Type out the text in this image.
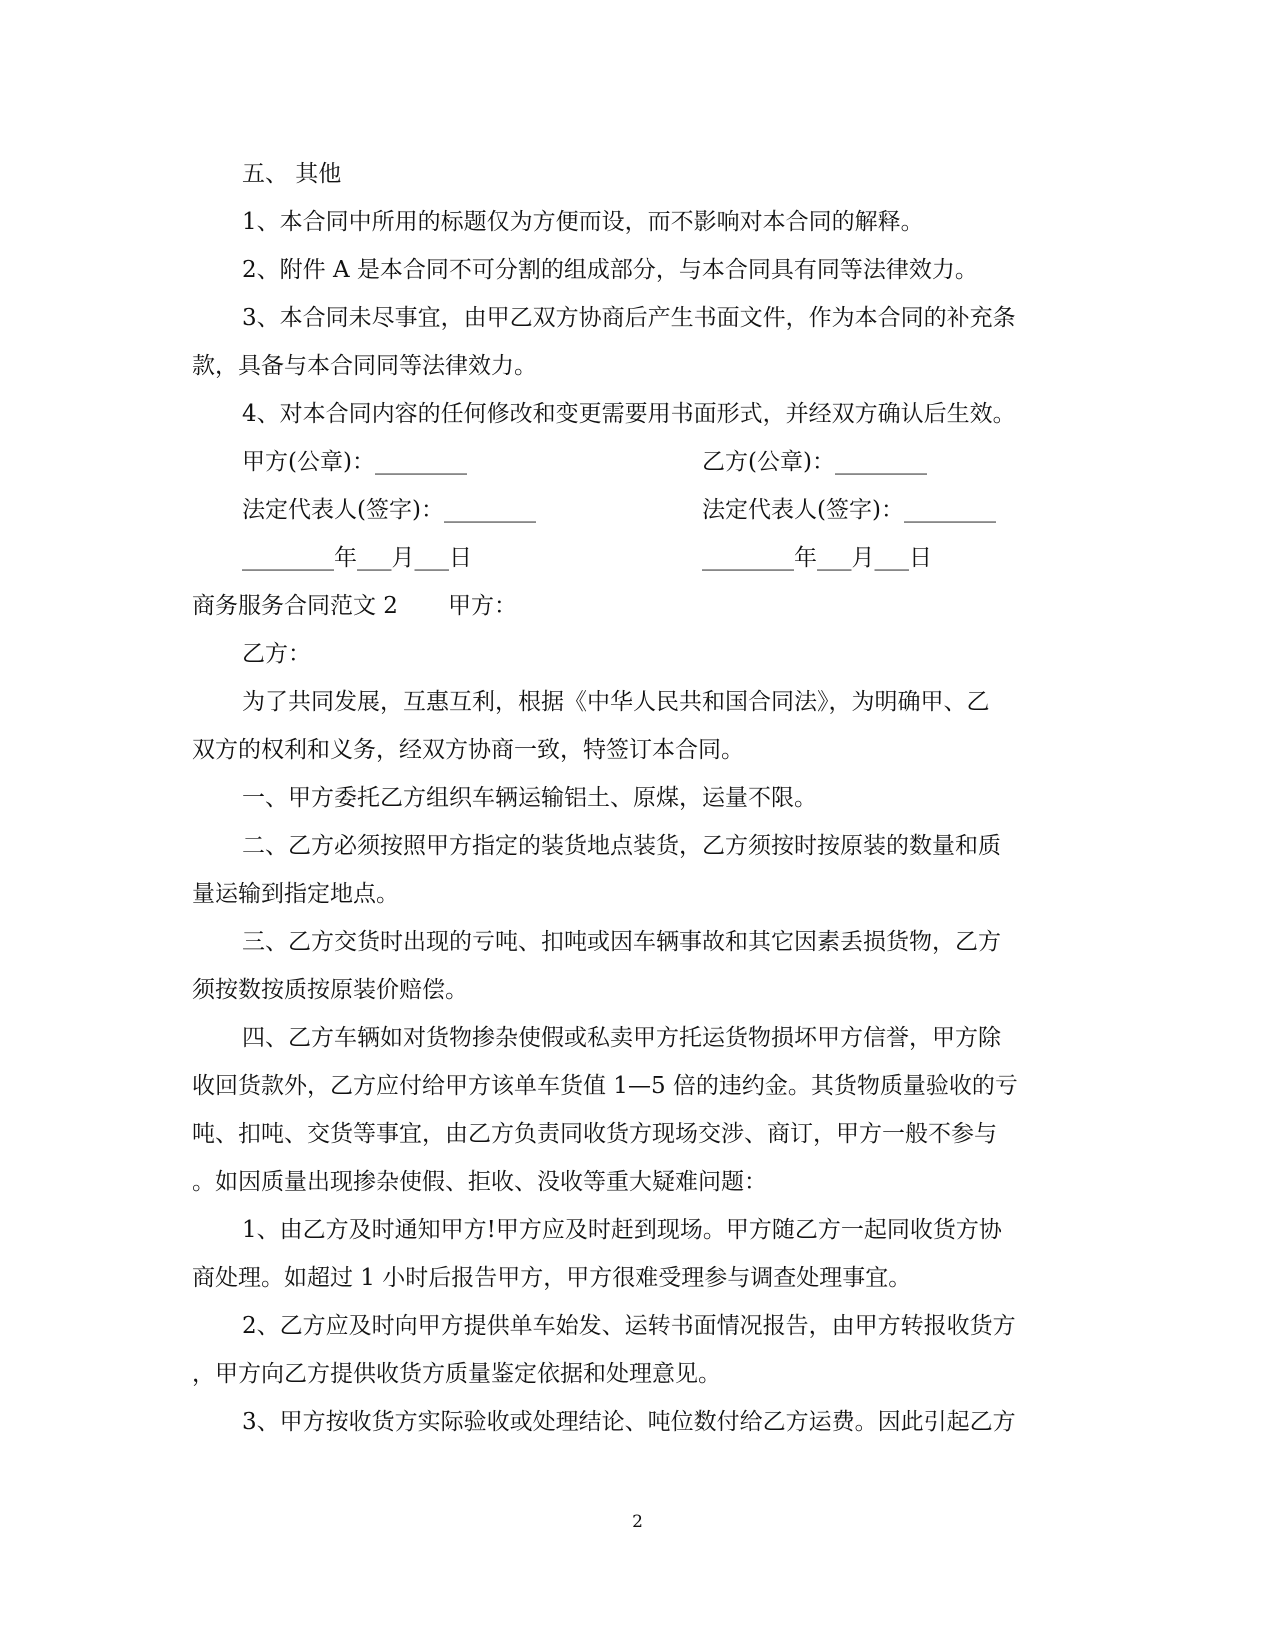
五、 其他
1、本合同中所用的标题仅为方便而设，而不影响对本合同的解释。
2、附件 A 是本合同不可分割的组成部分，与本合同具有同等法律效力。
3、本合同未尽事宜，由甲乙双方协商后产生书面文件，作为本合同的补充条
款，具备与本合同同等法律效力。
4、对本合同内容的任何修改和变更需要用书面形式，并经双方确认后生效。
甲方(公章)：________	乙方(公章)：________
法定代表人(签字)：________	法定代表人(签字)：________
________年___月___日	________年___月___日
商务服务合同范文 2 甲方：
乙方：
为了共同发展，互惠互利，根据《中华人民共和国合同法》，为明确甲、乙
双方的权利和义务，经双方协商一致，特签订本合同。
一、甲方委托乙方组织车辆运输铝土、原煤，运量不限。
二、乙方必须按照甲方指定的装货地点装货，乙方须按时按原装的数量和质
量运输到指定地点。
三、乙方交货时出现的亏吨、扣吨或因车辆事故和其它因素丢损货物，乙方
须按数按质按原装价赔偿。
四、乙方车辆如对货物掺杂使假或私卖甲方托运货物损坏甲方信誉，甲方除
收回货款外，乙方应付给甲方该单车货值 1—5 倍的违约金。其货物质量验收的亏
吨、扣吨、交货等事宜，由乙方负责同收货方现场交涉、商订，甲方一般不参与
。如因质量出现掺杂使假、拒收、没收等重大疑难问题：
1、由乙方及时通知甲方!甲方应及时赶到现场。甲方随乙方一起同收货方协
商处理。如超过 1 小时后报告甲方，甲方很难受理参与调查处理事宜。
2、乙方应及时向甲方提供单车始发、运转书面情况报告，由甲方转报收货方
，甲方向乙方提供收货方质量鉴定依据和处理意见。
3、甲方按收货方实际验收或处理结论、吨位数付给乙方运费。因此引起乙方
2
